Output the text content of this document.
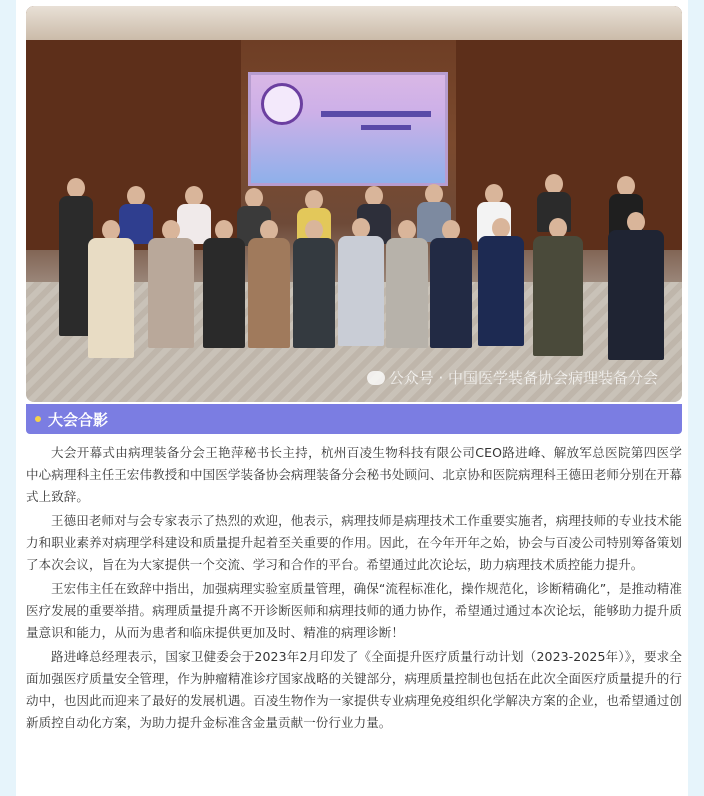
公众号 · 中国医学装备协会病理装备分会
大会合影

大会开幕式由病理装备分会王艳萍秘书长主持，杭州百凌生物科技有限公司CEO路进峰、解放军总医院第四医学中心病理科主任王宏伟教授和中国医学装备协会病理装备分会秘书处顾问、北京协和医院病理科王德田老师分别在开幕式上致辞。

王德田老师对与会专家表示了热烈的欢迎，他表示，病理技师是病理技术工作重要实施者，病理技师的专业技术能力和职业素养对病理学科建设和质量提升起着至关重要的作用。因此，在今年开年之始，协会与百凌公司特别筹备策划了本次会议，旨在为大家提供一个交流、学习和合作的平台。希望通过此次论坛，助力病理技术质控能力提升。

王宏伟主任在致辞中指出，加强病理实验室质量管理，确保“流程标准化，操作规范化，诊断精确化”，是推动精准医疗发展的重要举措。病理质量提升离不开诊断医师和病理技师的通力协作，希望通过通过本次论坛，能够助力提升质量意识和能力，从而为患者和临床提供更加及时、精准的病理诊断！

路进峰总经理表示，国家卫健委会于2023年2月印发了《全面提升医疗质量行动计划（2023-2025年）》，要求全面加强医疗质量安全管理，作为肿瘤精准诊疗国家战略的关键部分，病理质量控制也包括在此次全面医疗质量提升的行动中，也因此而迎来了最好的发展机遇。百凌生物作为一家提供专业病理免疫组织化学解决方案的企业，也希望通过创新质控自动化方案，为助力提升金标准含金量贡献一份行业力量。
